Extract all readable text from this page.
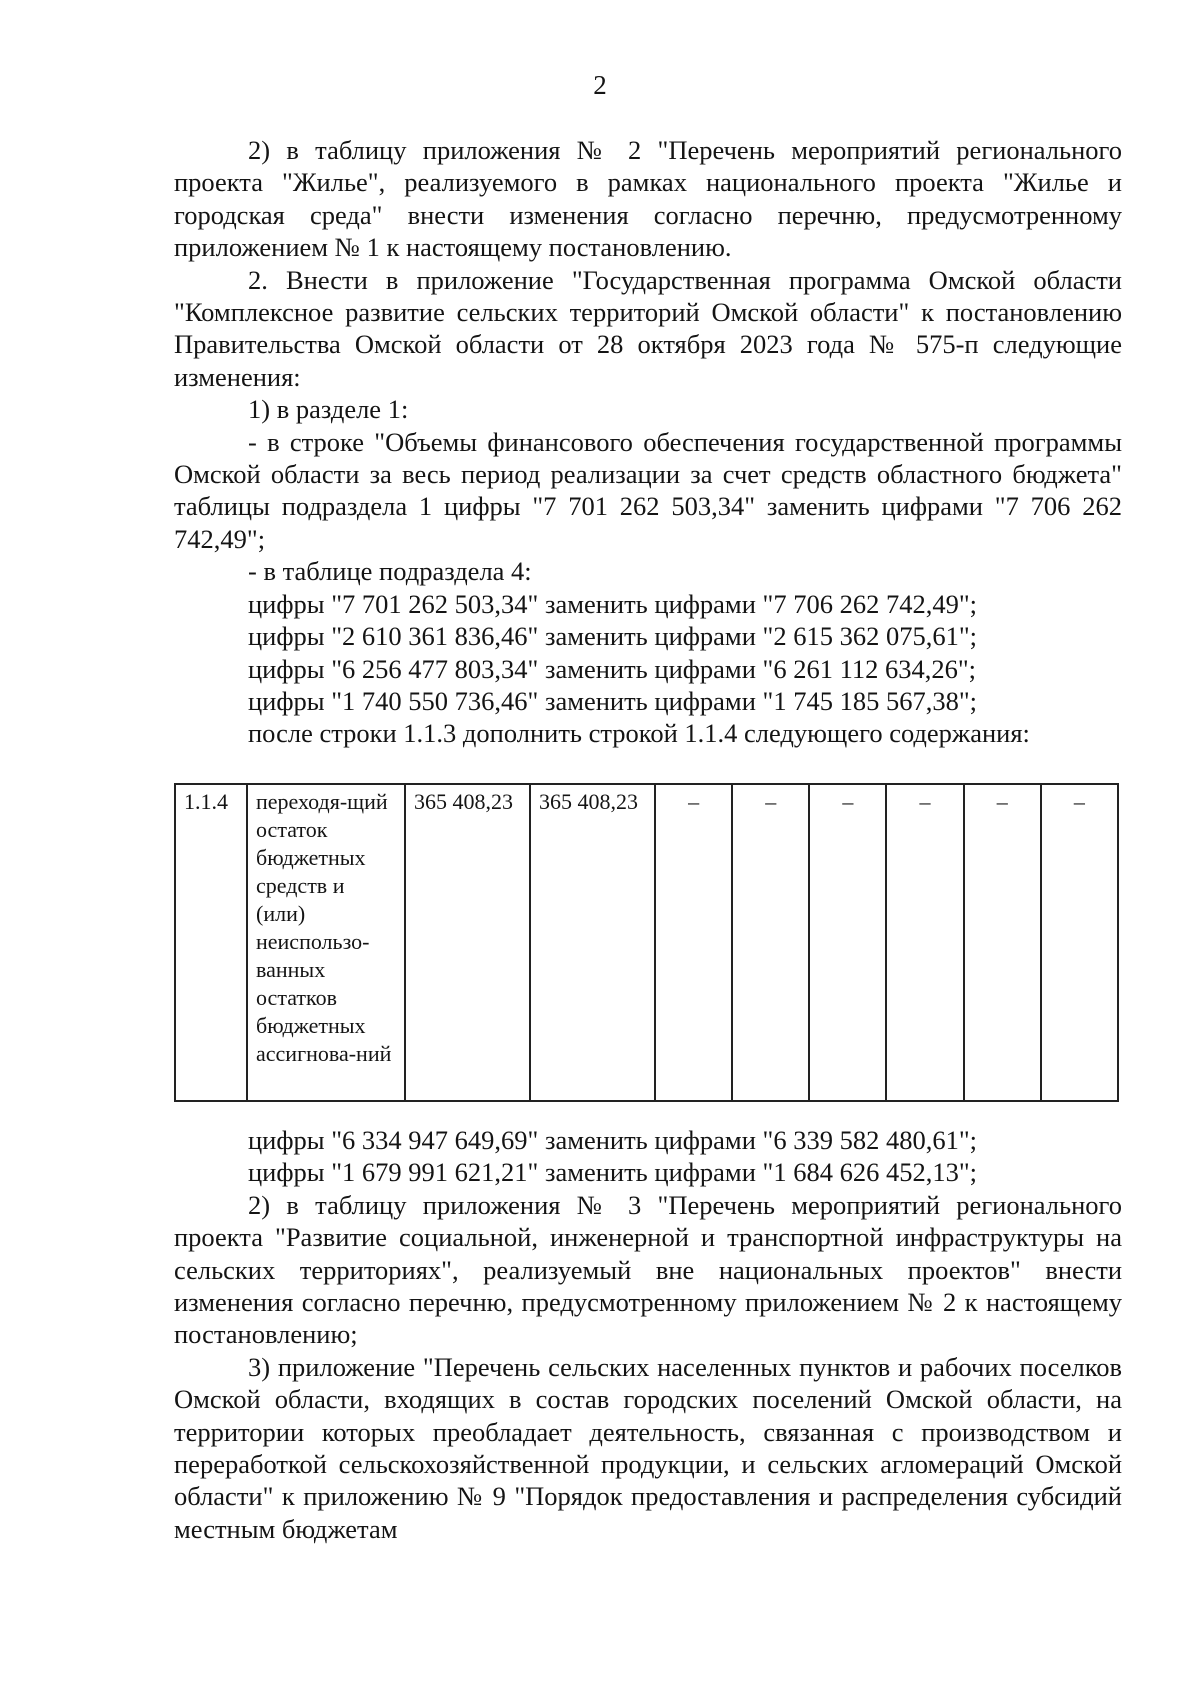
2

2) в таблицу приложения № 2 "Перечень мероприятий регионального проекта "Жилье", реализуемого в рамках национального проекта "Жилье и городская среда" внести изменения согласно перечню, предусмотренному приложением № 1 к настоящему постановлению.

2. Внести в приложение "Государственная программа Омской области "Комплексное развитие сельских территорий Омской области" к постановлению Правительства Омской области от 28 октября 2023 года № 575-п следующие изменения:

1) в разделе 1:

- в строке "Объемы финансового обеспечения государственной программы Омской области за весь период реализации за счет средств областного бюджета" таблицы подраздела 1 цифры "7 701 262 503,34" заменить цифрами "7 706 262 742,49";

- в таблице подраздела 4:

цифры "7 701 262 503,34" заменить цифрами "7 706 262 742,49";

цифры "2 610 361 836,46" заменить цифрами "2 615 362 075,61";

цифры "6 256 477 803,34" заменить цифрами "6 261 112 634,26";

цифры "1 740 550 736,46" заменить цифрами "1 745 185 567,38";

после строки 1.1.3 дополнить строкой 1.1.4 следующего содержания:

1.1.4	переходя-щий остаток бюджетных средств и (или) неиспользо-ванных остатков бюджетных ассигнова-ний	365 408,23	365 408,23	–	–	–	–	–	–

цифры "6 334 947 649,69" заменить цифрами "6 339 582 480,61";

цифры "1 679 991 621,21" заменить цифрами "1 684 626 452,13";

2) в таблицу приложения № 3 "Перечень мероприятий регионального проекта "Развитие социальной, инженерной и транспортной инфраструктуры на сельских территориях", реализуемый вне национальных проектов" внести изменения согласно перечню, предусмотренному приложением № 2 к настоящему постановлению;

3) приложение "Перечень сельских населенных пунктов и рабочих поселков Омской области, входящих в состав городских поселений Омской области, на территории которых преобладает деятельность, связанная с производством и переработкой сельскохозяйственной продукции, и сельских агломераций Омской области" к приложению № 9 "Порядок предоставления и распределения субсидий местным бюджетам
